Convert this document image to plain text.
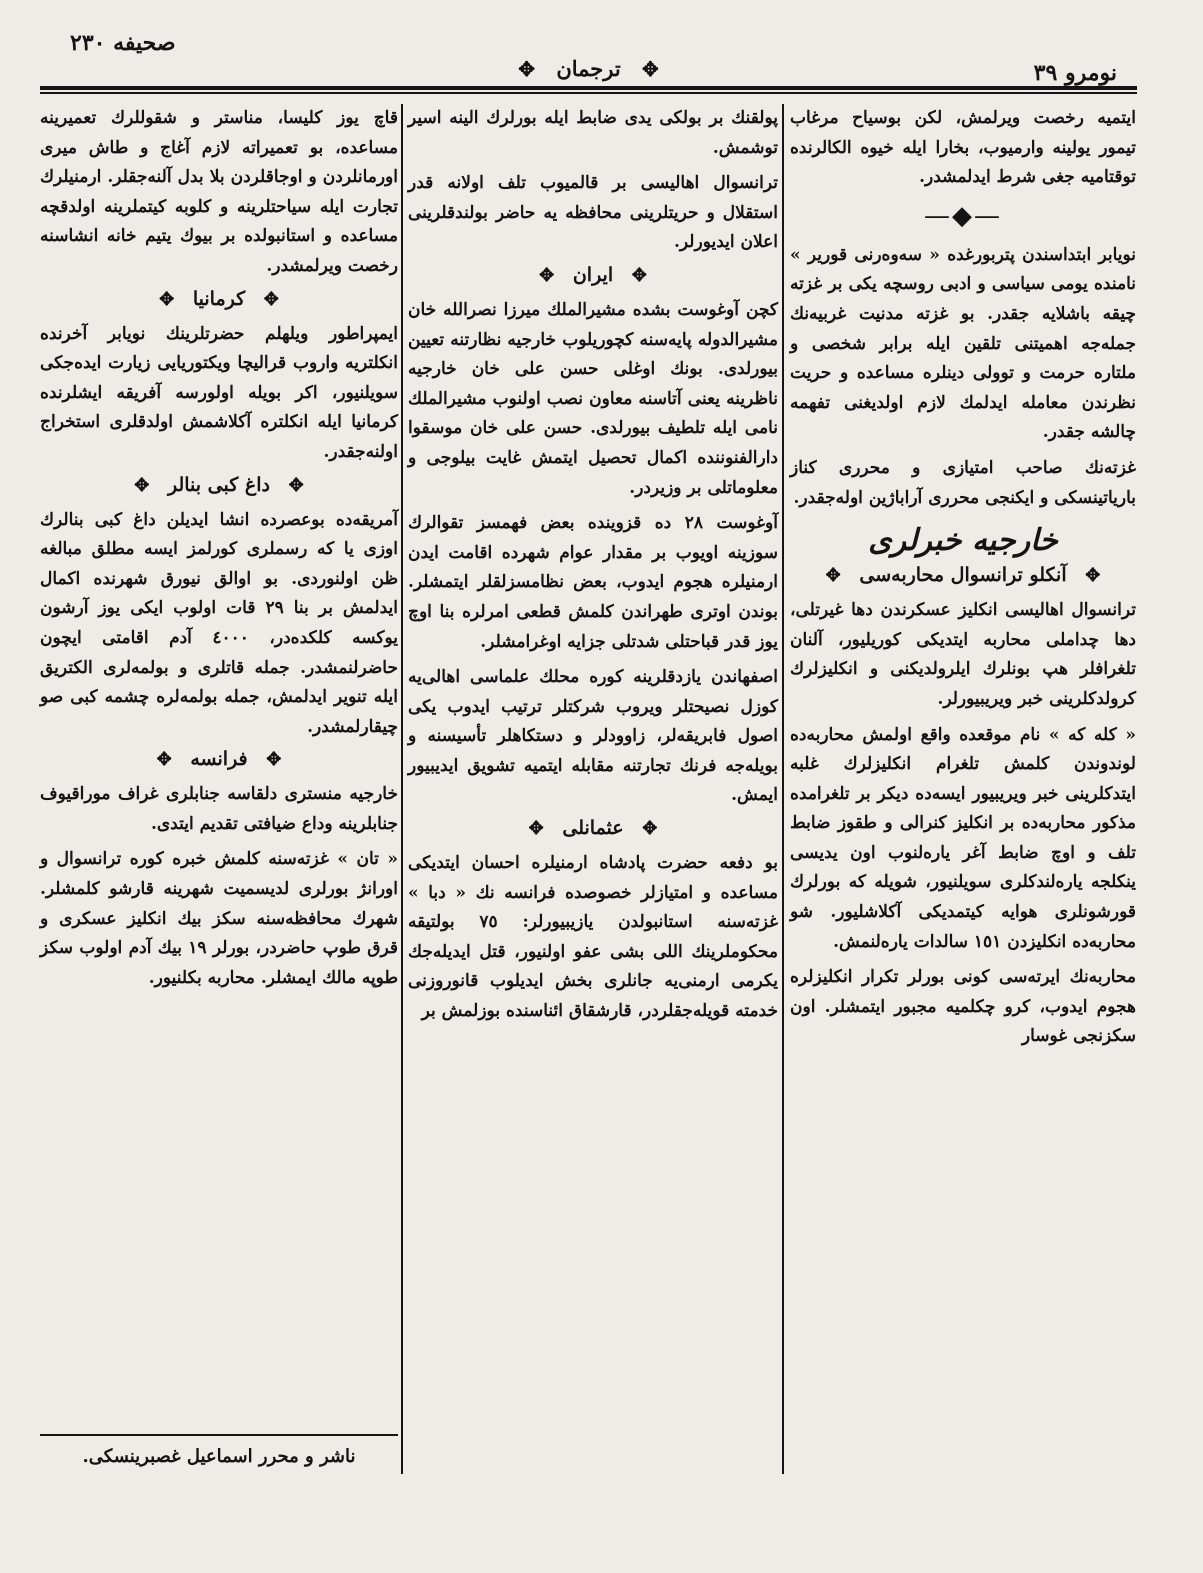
نومرو ٣٩
صحیفه ٢٣٠
✥ ترجمان ✥

ایتمیه رخصت ویرلمش، لکن بوسیاح مرغاب تیمور یولینه وارمیوب، بخارا ایله خیوه الکالرنده توقتامیه جغی شرط ایدلمشدر.

—◆—

نویابر ابتداسندن پتربورغده « سه‌وه‌رنی قوریر » نامنده یومی سیاسی و ادبی روسچه یکی بر غزته چیقه باشلایه جقدر. بو غزته مدنیت غربیه‌نك جمله‌جه اهمیتنی تلقین ایله برابر شخصی و ملتاره حرمت و توولی دینلره مساعده و حریت نظرندن معامله ایدلمك لازم اولدیغنی تفهمه چالشه جقدر.

غزته‌نك صاحب امتیازی و محرری کناز باریاتینسکی و ایکنجی محرری آراباژین اوله‌جقدر.

خارجیه خبرلری
✥ آنکلو ترانسوال محاربه‌سی ✥

ترانسوال اهالیسی انکلیز عسکرندن دها غیرتلی، دها چداملی محاربه ایتدیکی کوریلیور، آلنان تلغرافلر هپ بونلرك ایلرولدیکنی و انکلیزلرك کرولدکلرینی خبر ویریبیورلر.

« کله که » نام موقعده واقع اولمش محاربه‌ده لوندوندن کلمش تلغرام انکلیزلرك غلبه ایتدکلرینی خبر ویریبیور ایسه‌ده دیکر بر تلغرامده مذکور محاربه‌ده بر انکلیز کنرالی و طقوز ضابط تلف و اوچ ضابط آغر یاره‌لنوب اون یدیسی ینکلجه یاره‌لندکلری سویلنیور، شویله که بورلرك قورشونلری هوایه کیتمدیکی آکلاشلیور. شو محاربه‌ده انکلیزدن ١٥١ سالدات یاره‌لنمش.

محاربه‌نك ایرته‌سی کونی بورلر تکرار انکلیزلره هجوم ایدوب، کرو چکلمیه مجبور ایتمشلر. اون سکزنجی غوسار

پولقنك بر بولکی یدی ضابط ایله بورلرك الینه اسیر توشمش.

ترانسوال اهالیسی بر قالمیوب تلف اولانه قدر استقلال و حریتلرینی محافظه یه حاضر بولندقلرینی اعلان ایدیورلر.

✥ ایران ✥

کچن آوغوست بشده مشیرالملك میرزا نصرالله خان مشیرالدوله پایه‌سنه کچوریلوب خارجیه نظارتنه تعیین بیورلدی. بونك اوغلی حسن علی خان خارجیه ناظرینه یعنی آتاسنه معاون نصب اولنوب مشیرالملك نامی ایله تلطیف بیورلدی. حسن علی خان موسقوا دارالفنوننده اکمال تحصیل ایتمش غایت بیلوجی و معلوماتلی بر وزیردر.

آوغوست ٢٨ ده قزوینده بعض فهمسز تقوالرك سوزینه اویوب بر مقدار عوام شهرده اقامت ایدن ارمنیلره هجوم ایدوب، بعض نظامسزلقلر ایتمشلر. بوندن اوتری طهراندن کلمش قطعی امرلره بنا اوچ یوز قدر قباحتلی شدتلی جزایه اوغرامشلر.

اصفهاندن یازدقلرینه کوره محلك علماسی اهالی‌یه کوزل نصیحتلر ویروب شرکتلر ترتیب ایدوب یکی اصول فابریقه‌لر، زاوودلر و دستکاهلر تأسیسنه و بویله‌جه فرنك تجارتنه مقابله ایتمیه تشویق ایدیبیور ایمش.

✥ عثمانلی ✥

بو دفعه حضرت پادشاه ارمنیلره احسان ایتدیکی مساعده و امتیازلر خصوصده فرانسه نك « دبا » غزته‌سنه استانبولدن یازیبیورلر: ٧٥ بولتیقه محکوملرینك اللی بشی عفو اولنیور، قتل ایدیله‌جك یکرمی ارمنی‌یه جانلری بخش ایدیلوب قانوروزنی خدمته قویله‌جقلردر، قارشقاق ائناسنده بوزلمش بر

قاچ یوز کلیسا، مناستر و شقوللرك تعمیرینه مساعده، بو تعمیراته لازم آغاج و طاش میری اورمانلردن و اوجاقلردن بلا بدل آلنه‌جقلر. ارمنیلرك تجارت ایله سیاحتلرینه و کلوبه کیتملرینه اولدقچه مساعده و استانبولده بر بیوك یتیم خانه انشاسنه رخصت ویرلمشدر.

✥ کرمانیا ✥

ایمپراطور ویلهلم حضرتلرینك نویابر آخرنده انکلتریه واروب قرالیچا ویکتوریایی زیارت ایده‌جکی سویلنیور، اکر بویله اولورسه آفریقه ایشلرنده کرمانیا ایله انکلتره آکلاشمش اولدقلری استخراج اولنه‌جقدر.

✥ داغ کبی بنالر ✥

آمریقه‌ده بوعصرده انشا ایدیلن داغ کبی بنالرك اوزی یا که رسملری کورلمز ایسه مطلق مبالغه ظن اولنوردی. بو اوالق نیورق شهرنده اکمال ایدلمش بر بنا ٢٩ قات اولوب ایکی یوز آرشون یوکسه کلکده‌در، ٤٠٠٠ آدم اقامتی ایچون حاضرلنمشدر. جمله قاتلری و بولمه‌لری الکتریق ایله تنویر ایدلمش، جمله بولمه‌لره چشمه کبی صو چیقارلمشدر.

✥ فرانسه ✥

خارجیه منستری دلقاسه جنابلری غراف موراقیوف جنابلرینه وداع ضیافتی تقدیم ایتدی.

« تان » غزته‌سنه کلمش خبره کوره ترانسوال و اورانژ بورلری لدیسمیت شهرینه قارشو کلمشلر. شهرك محافظه‌سنه سکز بیك انکلیز عسکری و قرق طوپ حاضردر، بورلر ١٩ بیك آدم اولوب سکز طوپه مالك ایمشلر. محاربه بکلنیور.

ناشر و محرر اسماعیل غصبرینسکی.
